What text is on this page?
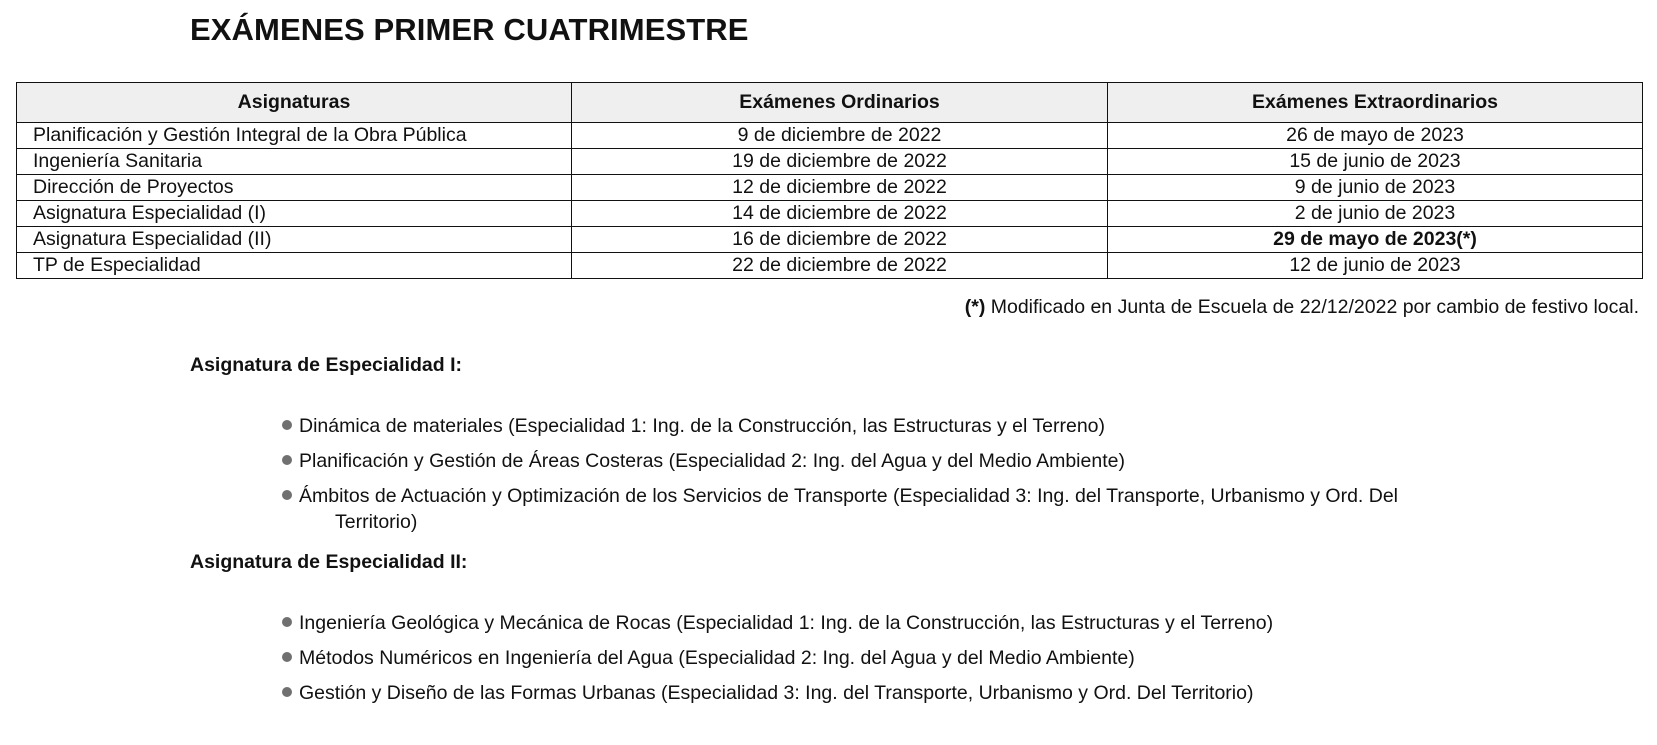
EXÁMENES PRIMER CUATRIMESTRE
Asignaturas	Exámenes Ordinarios	Exámenes Extraordinarios
Planificación y Gestión Integral de la Obra Pública	9 de diciembre de 2022	26 de mayo de 2023
Ingeniería Sanitaria	19 de diciembre de 2022	15 de junio de 2023
Dirección de Proyectos	12 de diciembre de 2022	9 de junio de 2023
Asignatura Especialidad (I)	14 de diciembre de 2022	2 de junio de 2023
Asignatura Especialidad (II)	16 de diciembre de 2022	29 de mayo de 2023(*)
TP de Especialidad	22 de diciembre de 2022	12 de junio de 2023
(*) Modificado en Junta de Escuela de 22/12/2022 por cambio de festivo local.
Asignatura de Especialidad I:
Dinámica de materiales (Especialidad 1: Ing. de la Construcción, las Estructuras y el Terreno)
Planificación y Gestión de Áreas Costeras (Especialidad 2: Ing. del Agua y del Medio Ambiente)
Ámbitos de Actuación y Optimización de los Servicios de Transporte (Especialidad 3: Ing. del Transporte, Urbanismo y Ord. Del
Territorio)
Asignatura de Especialidad II:
Ingeniería Geológica y Mecánica de Rocas (Especialidad 1: Ing. de la Construcción, las Estructuras y el Terreno)
Métodos Numéricos en Ingeniería del Agua (Especialidad 2: Ing. del Agua y del Medio Ambiente)
Gestión y Diseño de las Formas Urbanas (Especialidad 3: Ing. del Transporte, Urbanismo y Ord. Del Territorio)
